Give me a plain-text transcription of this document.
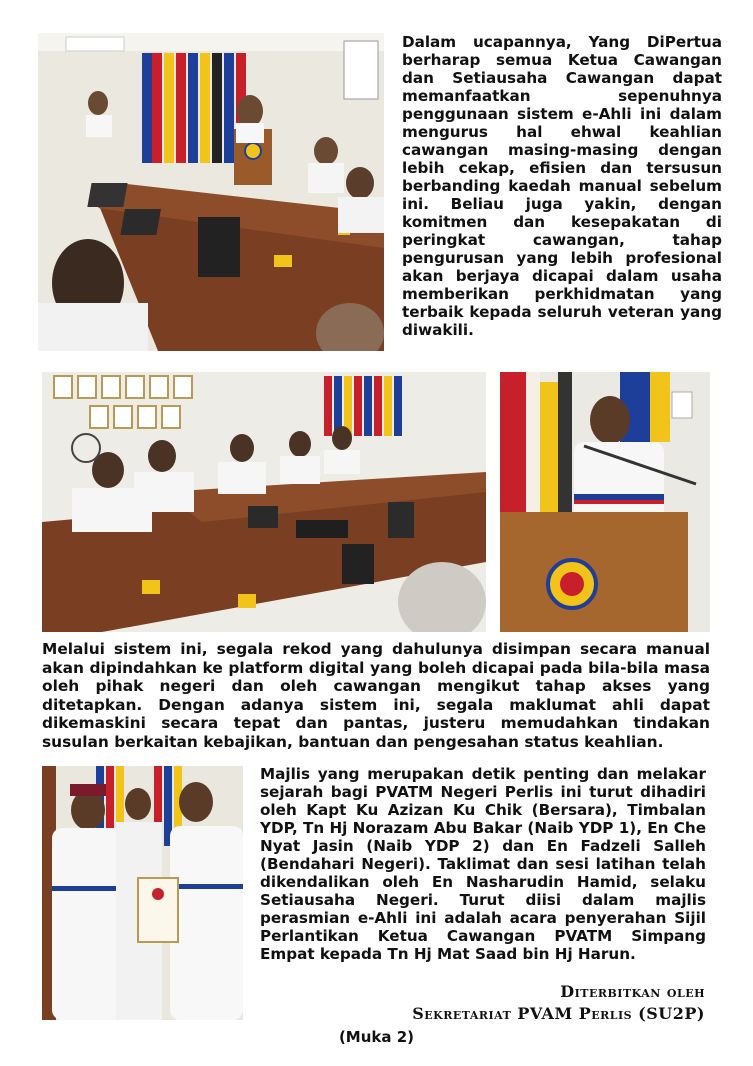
Dalam ucapannya, Yang DiPertua berharap semua Ketua Cawangan dan Setiausaha Cawangan dapat memanfaatkan sepenuhnya penggunaan sistem e-Ahli ini dalam mengurus hal ehwal keahlian cawangan masing-masing dengan lebih cekap, efisien dan tersusun berbanding kaedah manual sebelum ini. Beliau juga yakin, dengan komitmen dan kesepakatan di peringkat cawangan, tahap pengurusan yang lebih profesional akan berjaya dicapai dalam usaha memberikan perkhidmatan yang terbaik kepada seluruh veteran yang diwakili.
Melalui sistem ini, segala rekod yang dahulunya disimpan secara manual akan dipindahkan ke platform digital yang boleh dicapai pada bila-bila masa oleh pihak negeri dan oleh cawangan mengikut tahap akses yang ditetapkan. Dengan adanya sistem ini, segala maklumat ahli dapat dikemaskini secara tepat dan pantas, justeru memudahkan tindakan susulan berkaitan kebajikan, bantuan dan pengesahan status keahlian.
Majlis yang merupakan detik penting dan melakar sejarah bagi PVATM Negeri Perlis ini turut dihadiri oleh Kapt Ku Azizan Ku Chik (Bersara), Timbalan YDP, Tn Hj Norazam Abu Bakar (Naib YDP 1), En Che Nyat Jasin (Naib YDP 2) dan En Fadzeli Salleh (Bendahari Negeri). Taklimat dan sesi latihan telah dikendalikan oleh En Nasharudin Hamid, selaku Setiausaha Negeri. Turut diisi dalam majlis perasmian e-Ahli ini adalah acara penyerahan Sijil Perlantikan Ketua Cawangan PVATM Simpang Empat kepada Tn Hj Mat Saad bin Hj Harun.
Diterbitkan oleh
Sekretariat PVAM Perlis (SU2P)
(Muka 2)
